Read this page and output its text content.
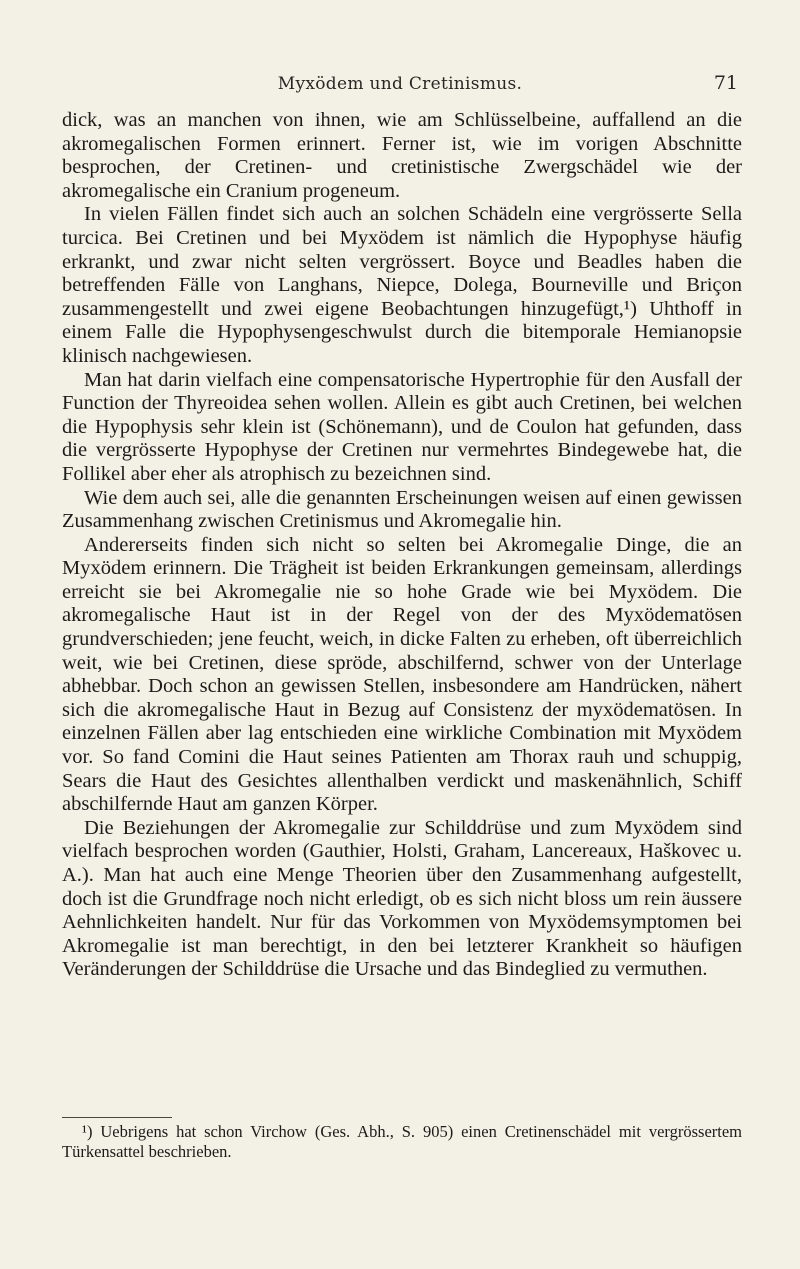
Myxödem und Cretinismus.	71

dick, was an manchen von ihnen, wie am Schlüsselbeine, auffallend an die akromegalischen Formen erinnert. Ferner ist, wie im vorigen Abschnitte besprochen, der Cretinen- und cretinistische Zwergschädel wie der akromegalische ein Cranium progeneum.

In vielen Fällen findet sich auch an solchen Schädeln eine vergrösserte Sella turcica. Bei Cretinen und bei Myxödem ist nämlich die Hypophyse häufig erkrankt, und zwar nicht selten vergrössert. Boyce und Beadles haben die betreffenden Fälle von Langhans, Niepce, Dolega, Bourneville und Briçon zusammengestellt und zwei eigene Beobachtungen hinzugefügt,¹) Uhthoff in einem Falle die Hypophysengeschwulst durch die bitemporale Hemianopsie klinisch nachgewiesen.

Man hat darin vielfach eine compensatorische Hypertrophie für den Ausfall der Function der Thyreoidea sehen wollen. Allein es gibt auch Cretinen, bei welchen die Hypophysis sehr klein ist (Schönemann), und de Coulon hat gefunden, dass die vergrösserte Hypophyse der Cretinen nur vermehrtes Bindegewebe hat, die Follikel aber eher als atrophisch zu bezeichnen sind.

Wie dem auch sei, alle die genannten Erscheinungen weisen auf einen gewissen Zusammenhang zwischen Cretinismus und Akromegalie hin.

Andererseits finden sich nicht so selten bei Akromegalie Dinge, die an Myxödem erinnern. Die Trägheit ist beiden Erkrankungen gemeinsam, allerdings erreicht sie bei Akromegalie nie so hohe Grade wie bei Myxödem. Die akromegalische Haut ist in der Regel von der des Myxödematösen grundverschieden; jene feucht, weich, in dicke Falten zu erheben, oft überreichlich weit, wie bei Cretinen, diese spröde, abschilfernd, schwer von der Unterlage abhebbar. Doch schon an gewissen Stellen, insbesondere am Handrücken, nähert sich die akromegalische Haut in Bezug auf Consistenz der myxödematösen. In einzelnen Fällen aber lag entschieden eine wirkliche Combination mit Myxödem vor. So fand Comini die Haut seines Patienten am Thorax rauh und schuppig, Sears die Haut des Gesichtes allenthalben verdickt und maskenähnlich, Schiff abschilfernde Haut am ganzen Körper.

Die Beziehungen der Akromegalie zur Schilddrüse und zum Myxödem sind vielfach besprochen worden (Gauthier, Holsti, Graham, Lancereaux, Haškovec u. A.). Man hat auch eine Menge Theorien über den Zusammenhang aufgestellt, doch ist die Grundfrage noch nicht erledigt, ob es sich nicht bloss um rein äussere Aehnlichkeiten handelt. Nur für das Vorkommen von Myxödemsymptomen bei Akromegalie ist man berechtigt, in den bei letzterer Krankheit so häufigen Veränderungen der Schilddrüse die Ursache und das Bindeglied zu vermuthen.

¹) Uebrigens hat schon Virchow (Ges. Abh., S. 905) einen Cretinenschädel mit vergrössertem Türkensattel beschrieben.
